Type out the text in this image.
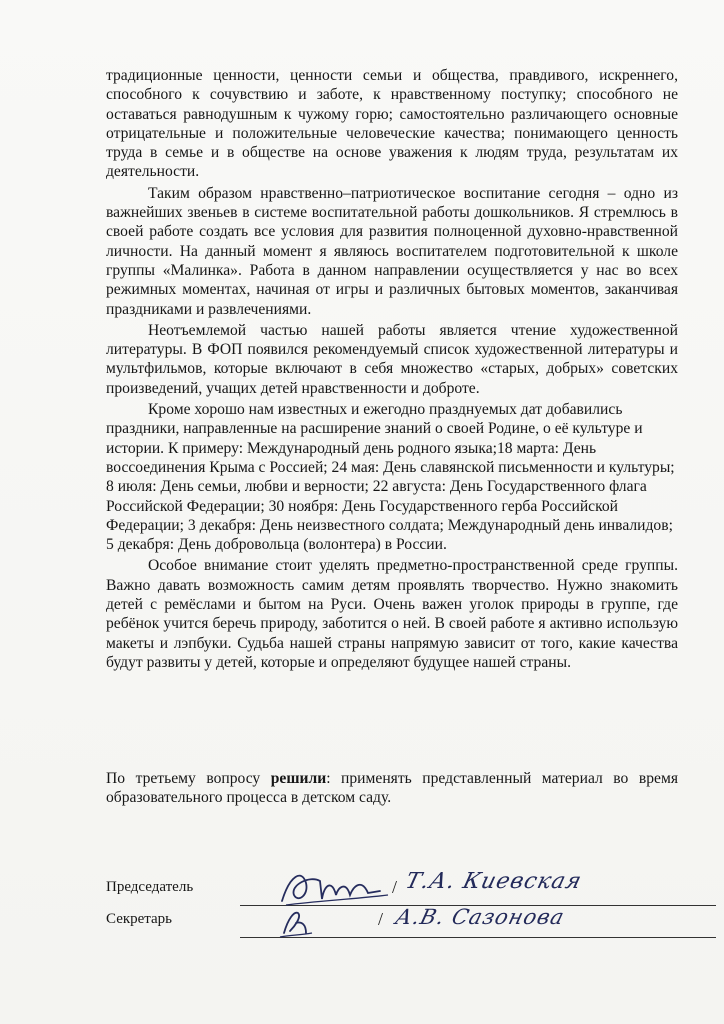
традиционные ценности, ценности семьи и общества, правдивого, искреннего, способного к сочувствию и заботе, к нравственному поступку; способного не оставаться равнодушным к чужому горю; самостоятельно различающего основные отрицательные и положительные человеческие качества; понимающего ценность труда в семье и в обществе на основе уважения к людям труда, результатам их деятельности.

Таким образом нравственно–патриотическое воспитание сегодня – одно из важнейших звеньев в системе воспитательной работы дошкольников. Я стремлюсь в своей работе создать все условия для развития полноценной духовно-нравственной личности. На данный момент я являюсь воспитателем подготовительной к школе группы «Малинка». Работа в данном направлении осуществляется у нас во всех режимных моментах, начиная от игры и различных бытовых моментов, заканчивая праздниками и развлечениями.

Неотъемлемой частью нашей работы является чтение художественной литературы. В ФОП появился рекомендуемый список художественной литературы и мультфильмов, которые включают в себя множество «старых, добрых» советских произведений, учащих детей нравственности и доброте.

Кроме хорошо нам известных и ежегодно празднуемых дат добавились праздники, направленные на расширение знаний о своей Родине, о её культуре и истории. К примеру: Международный день родного языка;18 марта: День воссоединения Крыма с Россией; 24 мая: День славянской письменности и культуры; 8 июля: День семьи, любви и верности; 22 августа: День Государственного флага Российской Федерации; 30 ноября: День Государственного герба Российской Федерации; 3 декабря: День неизвестного солдата; Международный день инвалидов; 5 декабря: День добровольца (волонтера) в России.

Особое внимание стоит уделять предметно-пространственной среде группы. Важно давать возможность самим детям проявлять творчество. Нужно знакомить детей с ремёслами и бытом на Руси. Очень важен уголок природы в группе, где ребёнок учится беречь природу, заботится о ней. В своей работе я активно использую макеты и лэпбуки. Судьба нашей страны напрямую зависит от того, какие качества будут развиты у детей, которые и определяют будущее нашей страны.

По третьему вопросу решили: применять представленный материал во время образовательного процесса в детском саду.

Председатель	/ Т.А. Киевская
Секретарь	/ А.В. Сазонова
